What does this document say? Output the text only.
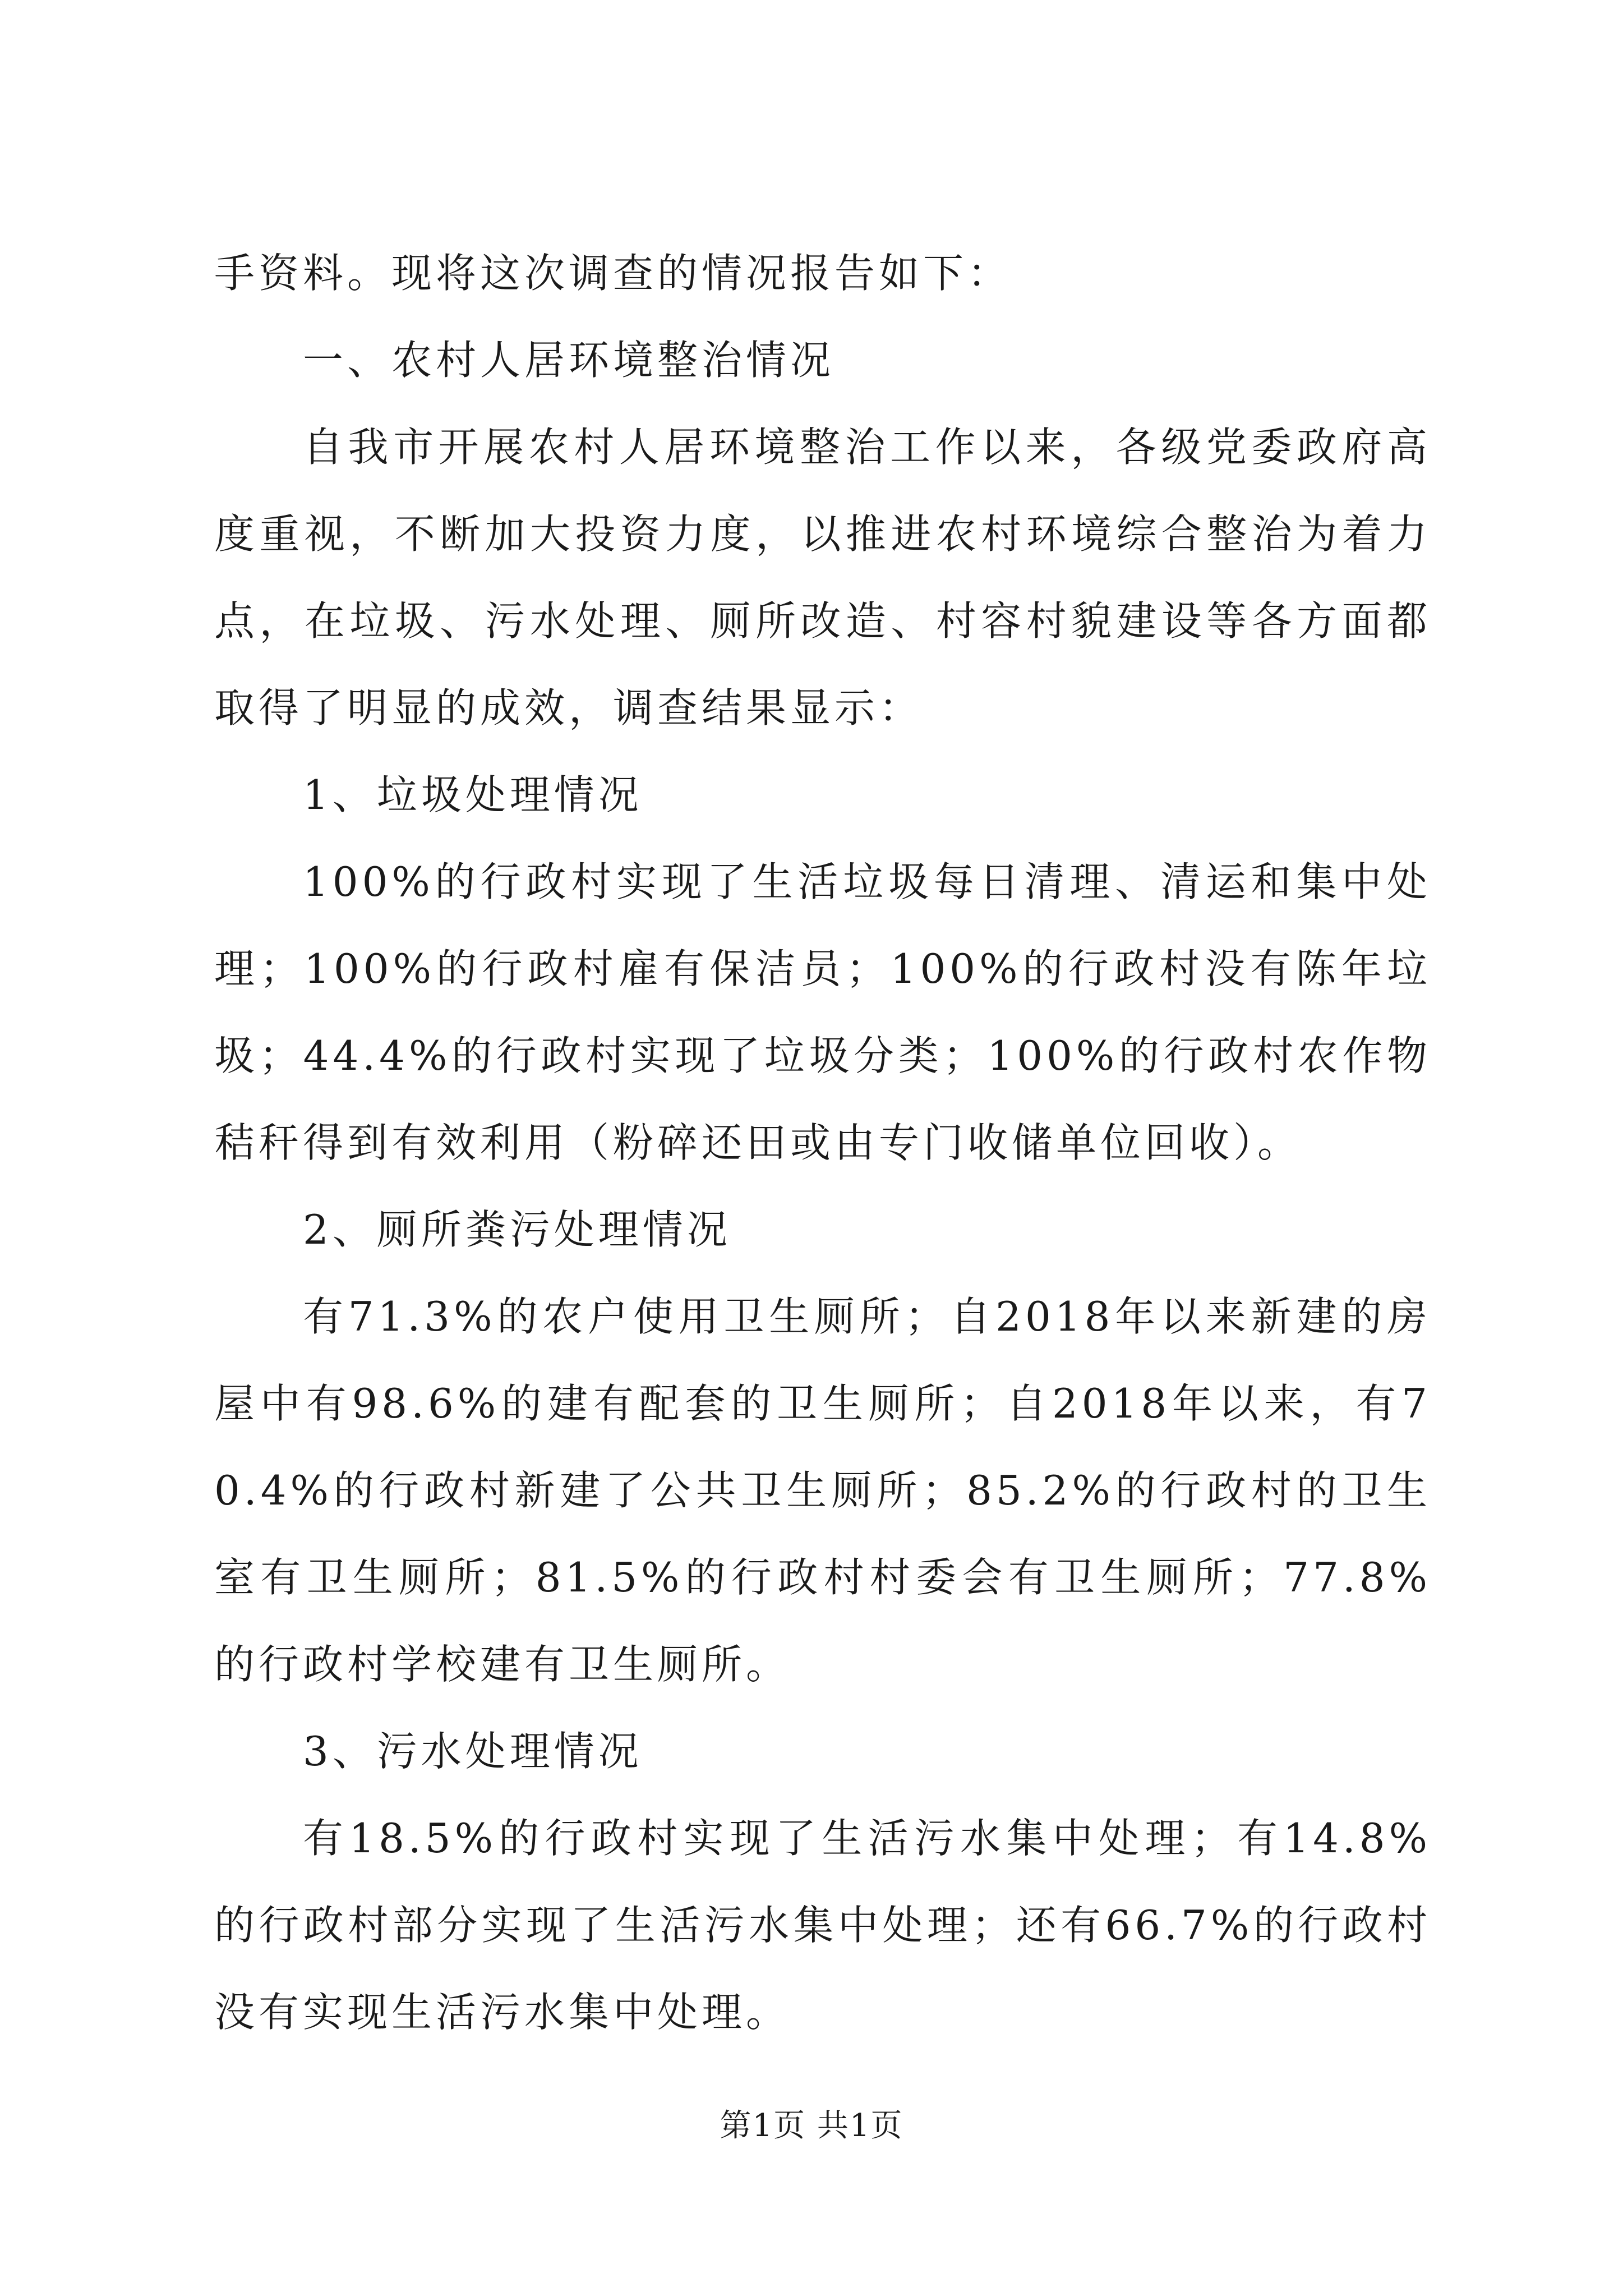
手资料。现将这次调查的情况报告如下：

一、农村人居环境整治情况

自我市开展农村人居环境整治工作以来，各级党委政府高度重视，不断加大投资力度，以推进农村环境综合整治为着力点，在垃圾、污水处理、厕所改造、村容村貌建设等各方面都取得了明显的成效，调查结果显示：

1、垃圾处理情况

100%的行政村实现了生活垃圾每日清理、清运和集中处理；100%的行政村雇有保洁员；100%的行政村没有陈年垃圾；44.4%的行政村实现了垃圾分类；100%的行政村农作物秸秆得到有效利用（粉碎还田或由专门收储单位回收）。

2、厕所粪污处理情况

有71.3%的农户使用卫生厕所；自2018年以来新建的房屋中有98.6%的建有配套的卫生厕所；自2018年以来，有70.4%的行政村新建了公共卫生厕所；85.2%的行政村的卫生室有卫生厕所；81.5%的行政村村委会有卫生厕所；77.8%的行政村学校建有卫生厕所。

3、污水处理情况

有18.5%的行政村实现了生活污水集中处理；有14.8%的行政村部分实现了生活污水集中处理；还有66.7%的行政村没有实现生活污水集中处理。

第1页 共1页
